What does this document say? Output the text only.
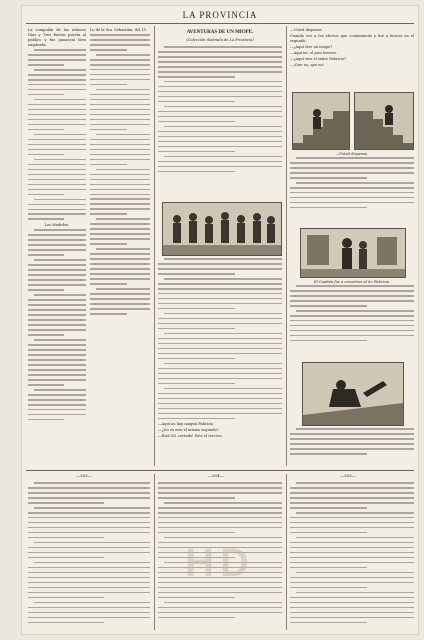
LA PROVINCIA
La compañía de las señoras Díaz y Tres fueron puesta al público y fue ganancia bien empleada.
Los Madriles.
Lo de la Sra. Sebastián, del 15.	AVENTURAS DE UN MIOPE.
(Colección ilustrada de La Provincia)
—Aquí no hay ningún Fabricio.
—¿No es este el mismo segundo?
—Está Vd. cerrado! Este el tercero.
—Usted dispense.
Cuando veo a los efectos que contentando y fue a buscar en el segundo.
—¿Aquí vive un miope?
—Aquí no: el piso tercero.
—¿Aquí vive el señor Fabricio?
—¡Que no, que no!
—Usted dispense.
El Capitán fue a encontrar al Sr. Fabricio.
—303—	—304—	—305—
HD
